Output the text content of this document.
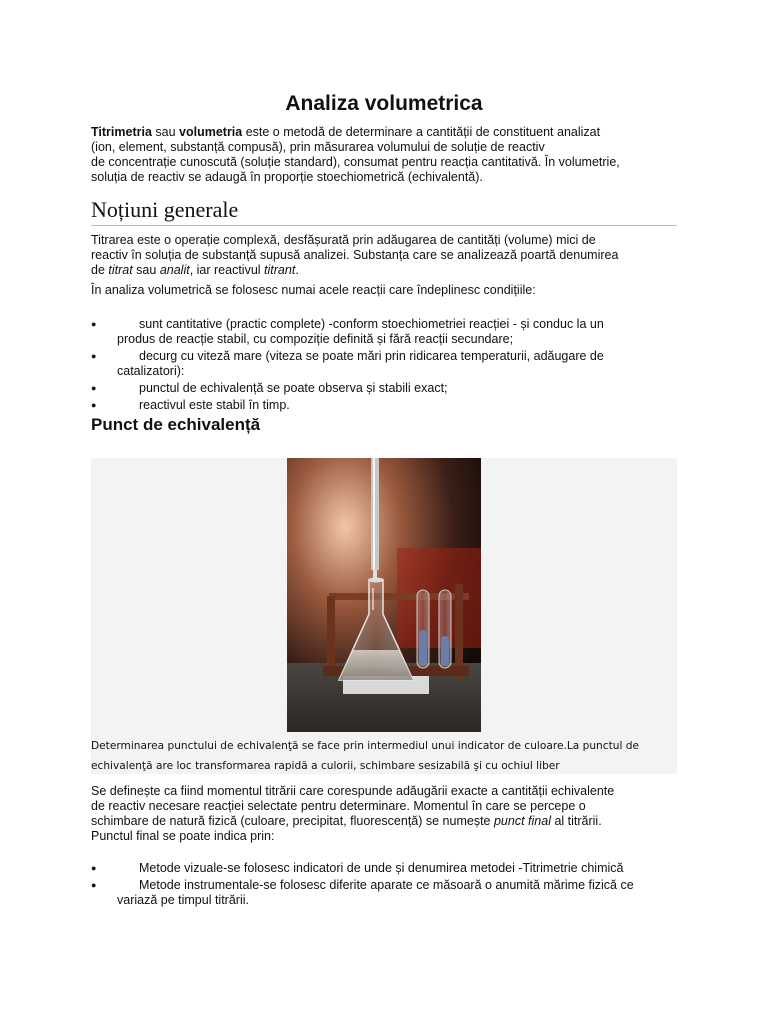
Analiza volumetrica

Titrimetria sau volumetria este o metodă de determinare a cantității de constituent analizat
(ion, element, substanță compusă), prin măsurarea volumului de soluție de reactiv
de concentrație cunoscută (soluție standard), consumat pentru reacția cantitativă. În volumetrie,
soluția de reactiv se adaugă în proporție stoechiometrică (echivalentă).

Noțiuni generale

Titrarea este o operație complexă, desfășurată prin adăugarea de cantități (volume) mici de
reactiv în soluția de substanță supusă analizei. Substanța care se analizează poartă denumirea
de titrat sau analit, iar reactivul titrant.

În analiza volumetrică se folosesc numai acele reacții care îndeplinesc condițiile:

●	sunt cantitative (practic complete) -conform stoechiometriei reacției - și conduc la un
produs de reacție stabil, cu compoziție definită și fără reacții secundare;
●	decurg cu viteză mare (viteza se poate mări prin ridicarea temperaturii, adăugare de
catalizatori):
●	punctul de echivalență se poate observa și stabili exact;
●	reactivul este stabil în timp.
Punct de echivalență
Determinarea punctului de echivalenţă se face prin intermediul unui indicator de culoare.La punctul de
echivalenţă are loc transformarea rapidă a culorii, schimbare sesizabilă şi cu ochiul liber

Se definește ca fiind momentul titrării care corespunde adăugării exacte a cantității echivalente
de reactiv necesare reacției selectate pentru determinare. Momentul în care se percepe o
schimbare de natură fizică (culoare, precipitat, fluorescență) se numește punct final al titrării.
Punctul final se poate indica prin:

●	Metode vizuale-se folosesc indicatori de unde și denumirea metodei -Titrimetrie chimică
●	Metode instrumentale-se folosesc diferite aparate ce măsoară o anumită mărime fizică ce
variază pe timpul titrării.
